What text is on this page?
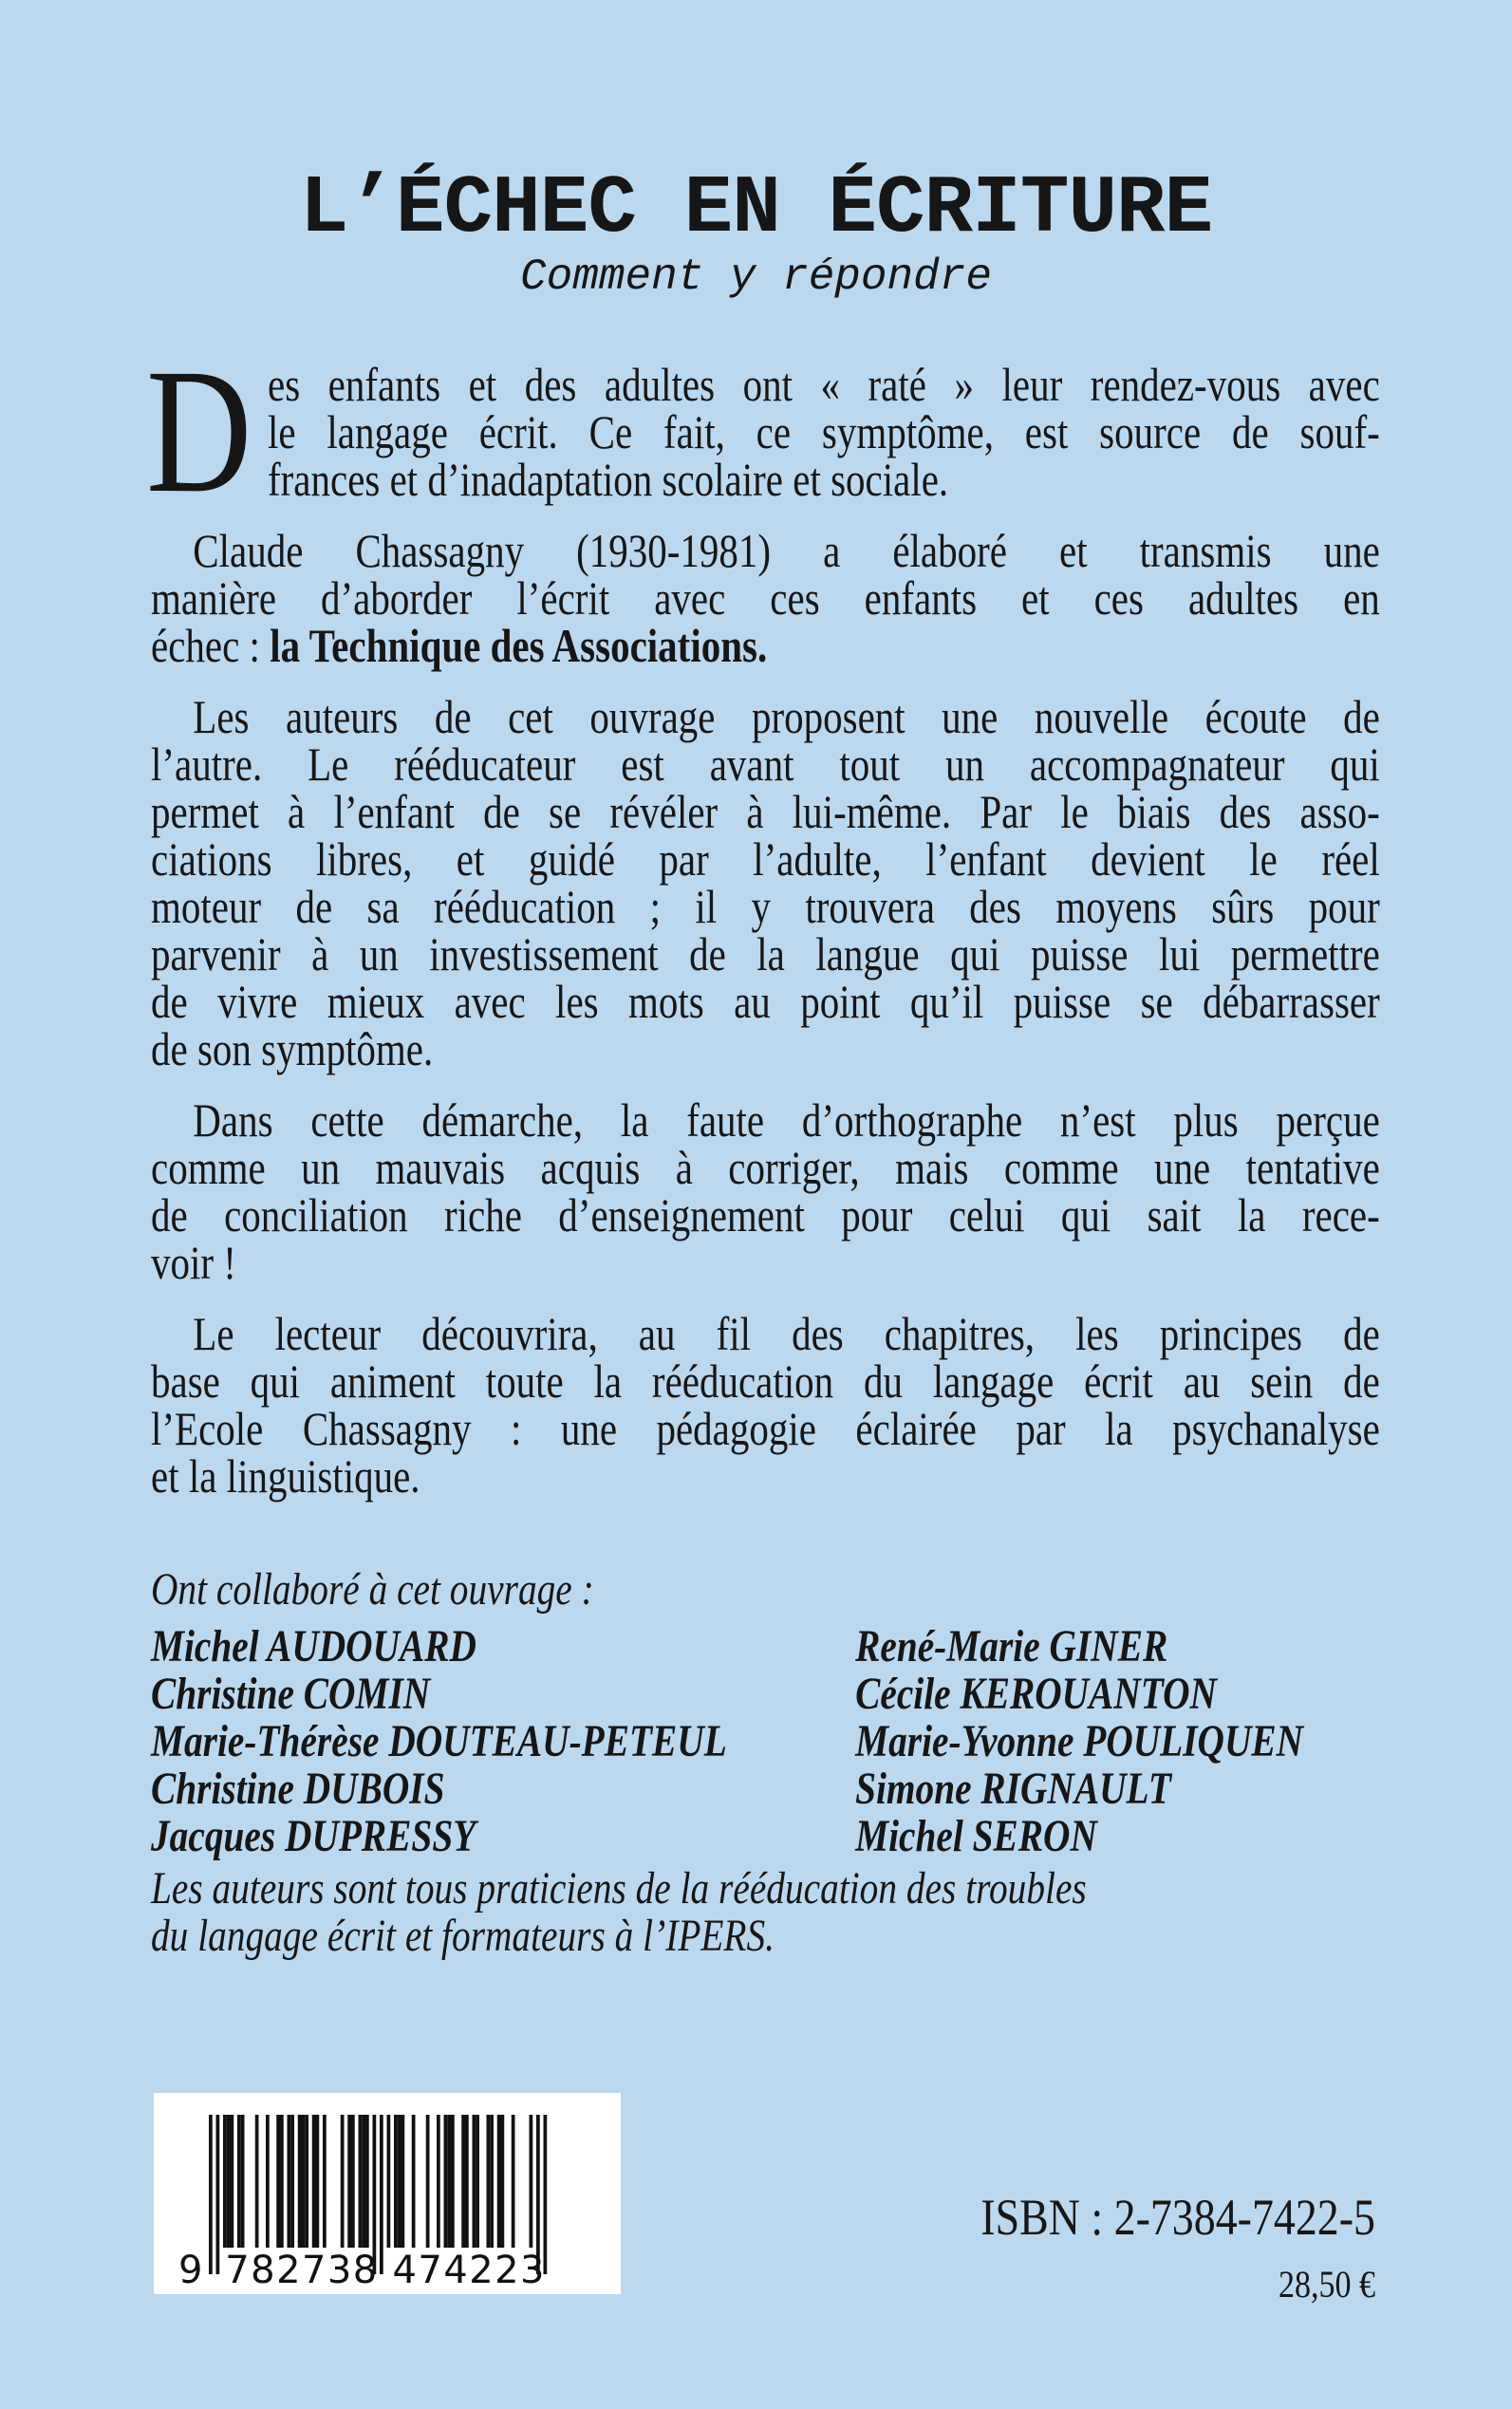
L’ÉCHEC EN ÉCRITURE
Comment y répondre
D es enfants et des adultes ont « raté » leur rendez-vous avec
le langage écrit. Ce fait, ce symptôme, est source de souf-
frances et d’inadaptation scolaire et sociale.
Claude Chassagny (1930-1981) a élaboré et transmis une
manière d’aborder l’écrit avec ces enfants et ces adultes en
échec : la Technique des Associations.
Les auteurs de cet ouvrage proposent une nouvelle écoute de
l’autre. Le rééducateur est avant tout un accompagnateur qui
permet à l’enfant de se révéler à lui-même. Par le biais des asso-
ciations libres, et guidé par l’adulte, l’enfant devient le réel
moteur de sa rééducation ; il y trouvera des moyens sûrs pour
parvenir à un investissement de la langue qui puisse lui permettre
de vivre mieux avec les mots au point qu’il puisse se débarrasser
de son symptôme.
Dans cette démarche, la faute d’orthographe n’est plus perçue
comme un mauvais acquis à corriger, mais comme une tentative
de conciliation riche d’enseignement pour celui qui sait la rece-
voir !
Le lecteur découvrira, au fil des chapitres, les principes de
base qui animent toute la rééducation du langage écrit au sein de
l’Ecole Chassagny : une pédagogie éclairée par la psychanalyse
et la linguistique.
Ont collaboré à cet ouvrage :
Michel AUDOUARD
Christine COMIN
Marie-Thérèse DOUTEAU-PETEUL
Christine DUBOIS
Jacques DUPRESSY
René-Marie GINER
Cécile KEROUANTON
Marie-Yvonne POULIQUEN
Simone RIGNAULT
Michel SERON
Les auteurs sont tous praticiens de la rééducation des troubles
du langage écrit et formateurs à l’IPERS.
9 782738 474223
ISBN : 2-7384-7422-5
28,50 €
